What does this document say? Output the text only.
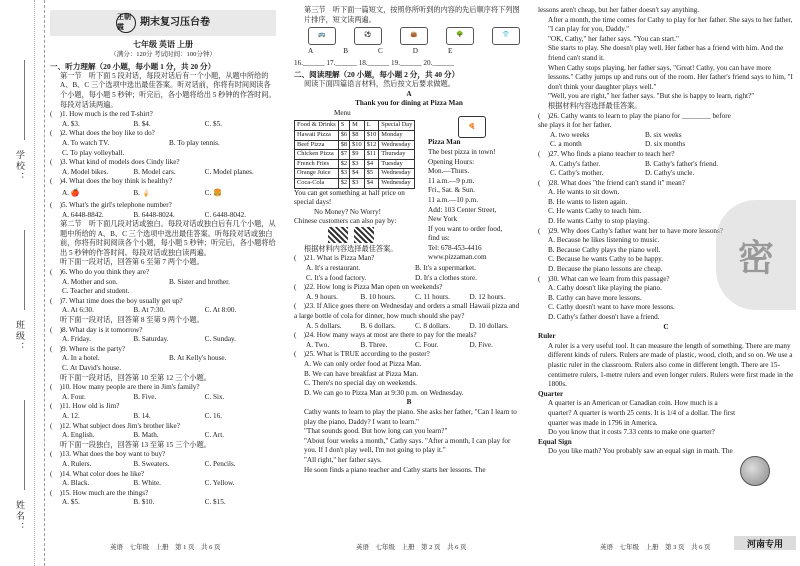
学校：
班级：
姓名：
王朝霞	期末复习压台卷
七年级 英语 上册
（满分：120分 考试时间：100分钟）
一、听力理解（20 小题，每小题 1 分，共 20 分）

第一节　听下面 5 段对话，每段对话后有一个小题，从题中所给的 A、B、C 三个选项中选出最佳答案。听对话前，你将有时间阅读各个小题，每小题 5 秒钟；听完后，各小题将给出 5 秒钟的作答时间。每段对话读两遍。

(　)1. How much is the red T-shirt?

A. $3.	B. $4.	C. $5.

(　)2. What does the boy like to do?

A. To watch TV.	B. To play tennis.
C. To play volleyball.

(　)3. What kind of models does Cindy like?

A. Model bikes.	B. Model cars.	C. Model planes.

(　)4. What does the boy think is healthy?

A. 🍎	B. 🍦	C. 🍔

(　)5. What's the girl's telephone number?

A. 6448-8842.	B. 6448-8024.	C. 6448-8042.

第二节　听下面几段对话或独白。每段对话或独白后有几个小题，从题中所给的 A、B、C 三个选项中选出最佳答案。听每段对话或独白前，你将有时间阅读各个小题，每小题 5 秒钟；听完后，各小题将给出 5 秒钟的作答时间。每段对话或独白读两遍。

听下面一段对话，回答第 6 至第 7 两个小题。

(　)6. Who do you think they are?

A. Mother and son.	B. Sister and brother.
C. Teacher and student.

(　)7. What time does the boy usually get up?

A. At 6:30.	B. At 7:30.	C. At 8:00.

听下面一段对话，回答第 8 至第 9 两个小题。

(　)8. What day is it tomorrow?

A. Friday.	B. Saturday.	C. Sunday.

(　)9. Where is the party?

A. In a hotel.	B. At Kelly's house.
C. At David's house.

听下面一段对话，回答第 10 至第 12 三个小题。

(　)10. How many people are there in Jim's family?

A. Four.	B. Five.	C. Six.

(　)11. How old is Jim?

A. 12.	B. 14.	C. 16.

(　)12. What subject does Jim's brother like?

A. English.	B. Math.	C. Art.

听下面一段独白，回答第 13 至第 15 三个小题。

(　)13. What does the boy want to buy?

A. Rulers.	B. Sweaters.	C. Pencils.

(　)14. What color does he like?

A. Black.	B. White.	C. Yellow.

(　)15. How much are the things?

A. $5.	B. $10.	C. $15.
英语　七年级　上册　第 1 页　共 6 页

第三节　听下面一篇短文，按照你所听到的内容的先后顺序将下列图片排序，短文读两遍。

🚌	⚽	👜	🌳	👕
A	B	C	D	E

16.______ 17.______ 18.______ 19.______ 20.______

二、阅读理解（20 小题，每小题 2 分，共 40 分）

阅读下面四篇语言材料，然后按文后要求做题。

A

Thank you for dining at Pizza Man

Menu

Food & Drinks	S	M	L	Special Day
Hawaii Pizza	$6	$8	$10	Monday
Beef Pizza	$8	$10	$12	Wednesday
Chicken Pizza	$7	$9	$11	Thursday
French Fries	$2	$3	$4	Tuesday
Orange Juice	$3	$4	$5	Wednesday
Coca-Cola	$2	$3	$4	Wednesday
🍕

Pizza Man

The best pizza in town!

Opening Hours:

Mon.—Thurs.

11 a.m.—9 p.m.

Fri., Sat. & Sun.

11 a.m.—10 p.m.

Add: 103 Center Street,

New York

If you want to order food,

find us:

Tel: 678-453-4416

www.pizzaman.com

You can get something at half price on special days!

No Money? No Worry!

Chinese customers can also pay by:

根据材料内容选择最佳答案。

(　)21. What is Pizza Man?

A. It's a restaurant.	B. It's a supermarket.
C. It's a food factory.	D. It's a clothes store.

(　)22. How long is Pizza Man open on weekends?

A. 9 hours.	B. 10 hours.	C. 11 hours.	D. 12 hours.

(　)23. If Alice goes there on Wednesday and orders a small Hawaii pizza and a large bottle of cola for dinner, how much should she pay?

A. 5 dollars.	B. 6 dollars.	C. 8 dollars.	D. 10 dollars.

(　)24. How many ways at most are there to pay for the meals?

A. Two.	B. Three.	C. Four.	D. Five.

(　)25. What is TRUE according to the poster?

A. We can only order food at Pizza Man.

B. We can have breakfast at Pizza Man.

C. There's no special day on weekends.

D. We can go to Pizza Man at 9:30 p.m. on Wednesday.

B

Cathy wants to learn to play the piano. She asks her father, "Can I learn to play the piano, Daddy? I want to learn."

"That sounds good. But how long can you learn?"

"About four weeks a month," Cathy says. "After a month, I can play for you. If I don't play well, I'm not going to play it."

"All right," her father says.

He soon finds a piano teacher and Cathy starts her lessons. The

英语　七年级　上册　第 2 页　共 6 页

lessons aren't cheap, but her father doesn't say anything.

After a month, the time comes for Cathy to play for her father. She says to her father, "I can play for you, Daddy."

"OK, Cathy," her father says. "You can start."

She starts to play. She doesn't play well. Her father has a friend with him. And the friend can't stand it.

When Cathy stops playing, her father says, "Great! Cathy, you can have more lessons." Cathy jumps up and runs out of the room. Her father's friend says to him, "I don't think your daughter plays well."

"Well, you are right," her father says. "But she is happy to learn, right?"

根据材料内容选择最佳答案。

(　)26. Cathy wants to learn to play the piano for ________ before she plays it for her father.

A. two weeks	B. six weeks
C. a month	D. six months

(　)27. Who finds a piano teacher to teach her?

A. Cathy's father.	B. Cathy's father's friend.
C. Cathy's mother.	D. Cathy's uncle.

(　)28. What does "the friend can't stand it" mean?

A. He wants to sit down.

B. He wants to listen again.

C. He wants Cathy to teach him.

D. He wants Cathy to stop playing.

(　)29. Why does Cathy's father want her to have more lessons?

A. Because he likes listening to music.

B. Because Cathy plays the piano well.

C. Because he wants Cathy to be happy.

D. Because the piano lessons are cheap.

(　)30. What can we learn from this passage?

A. Cathy doesn't like playing the piano.

B. Cathy can have more lessons.

C. Cathy doesn't want to have more lessons.

D. Cathy's father doesn't have a friend.

C

Ruler

A ruler is a very useful tool. It can measure the length of something. There are many different kinds of rulers. Rulers are made of plastic, wood, cloth, and so on. We use a plastic ruler in the classroom. Rulers also come in different length. There are 15-centimetre rulers, 1-metre rulers and even longer rulers. Rulers were first made in the 1800s.

Quarter

A quarter is an American or Canadian coin. How much is a quarter? A quarter is worth 25 cents. It is 1/4 of a dollar. The first quarter was made in 1796 in America.

Do you know that it costs 7.33 cents to make one quarter?

Equal Sign

Do you like math? You probably saw an equal sign in math. The

英语　七年级　上册　第 3 页　共 6 页
密
河南专用
